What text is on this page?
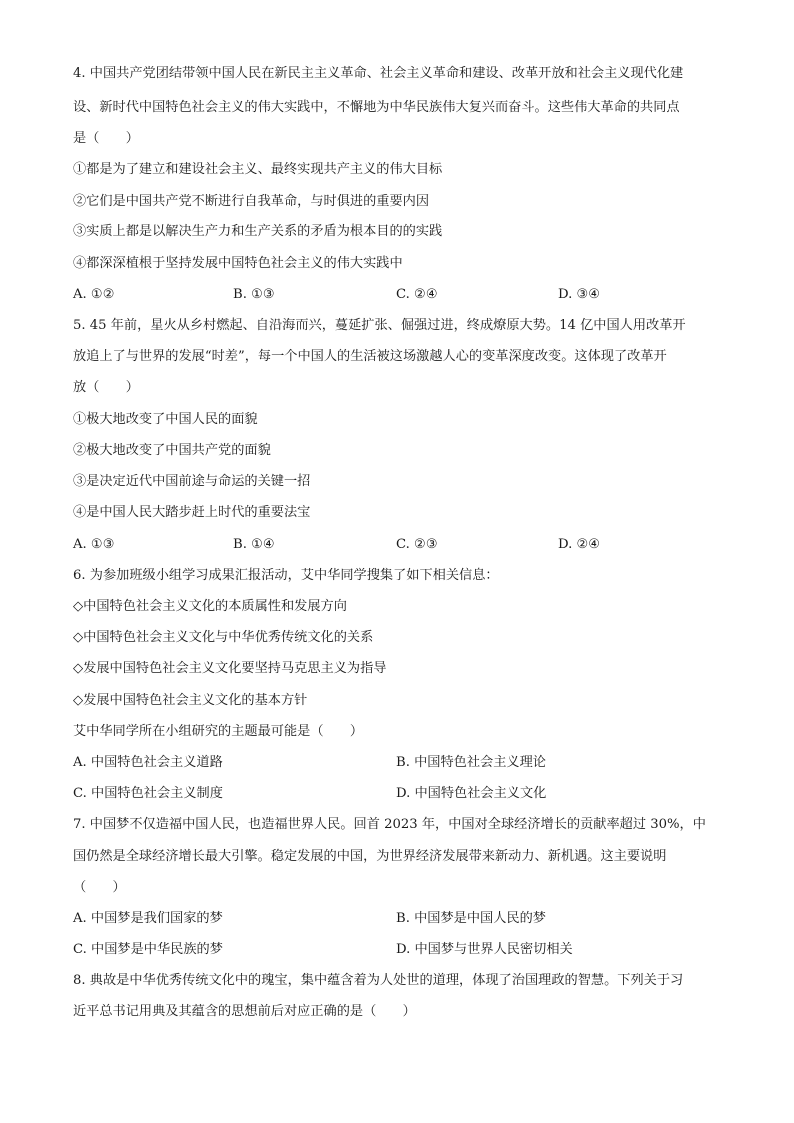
4. 中国共产党团结带领中国人民在新民主主义革命、社会主义革命和建设、改革开放和社会主义现代化建
设、新时代中国特色社会主义的伟大实践中，不懈地为中华民族伟大复兴而奋斗。这些伟大革命的共同点
是（　　）
①都是为了建立和建设社会主义、最终实现共产主义的伟大目标
②它们是中国共产党不断进行自我革命，与时俱进的重要内因
③实质上都是以解决生产力和生产关系的矛盾为根本目的的实践
④都深深植根于坚持发展中国特色社会主义的伟大实践中
A. ①②	B. ①③	C. ②④	D. ③④
5. 45 年前，星火从乡村燃起、自沿海而兴，蔓延扩张、倔强过进，终成燎原大势。14 亿中国人用改革开
放追上了与世界的发展“时差”，每一个中国人的生活被这场激越人心的变革深度改变。这体现了改革开
放（　　）
①极大地改变了中国人民的面貌
②极大地改变了中国共产党的面貌
③是决定近代中国前途与命运的关键一招
④是中国人民大踏步赶上时代的重要法宝
A. ①③	B. ①④	C. ②③	D. ②④
6. 为参加班级小组学习成果汇报活动，艾中华同学搜集了如下相关信息：
◇中国特色社会主义文化的本质属性和发展方向
◇中国特色社会主义文化与中华优秀传统文化的关系
◇发展中国特色社会主义文化要坚持马克思主义为指导
◇发展中国特色社会主义文化的基本方针
艾中华同学所在小组研究的主题最可能是（　　）
A. 中国特色社会主义道路	B. 中国特色社会主义理论
C. 中国特色社会主义制度	D. 中国特色社会主义文化
7. 中国梦不仅造福中国人民，也造福世界人民。回首 2023 年，中国对全球经济增长的贡献率超过 30%，中
国仍然是全球经济增长最大引擎。稳定发展的中国，为世界经济发展带来新动力、新机遇。这主要说明
（　　）
A. 中国梦是我们国家的梦	B. 中国梦是中国人民的梦
C. 中国梦是中华民族的梦	D. 中国梦与世界人民密切相关
8. 典故是中华优秀传统文化中的瑰宝，集中蕴含着为人处世的道理，体现了治国理政的智慧。下列关于习
近平总书记用典及其蕴含的思想前后对应正确的是（　　）
